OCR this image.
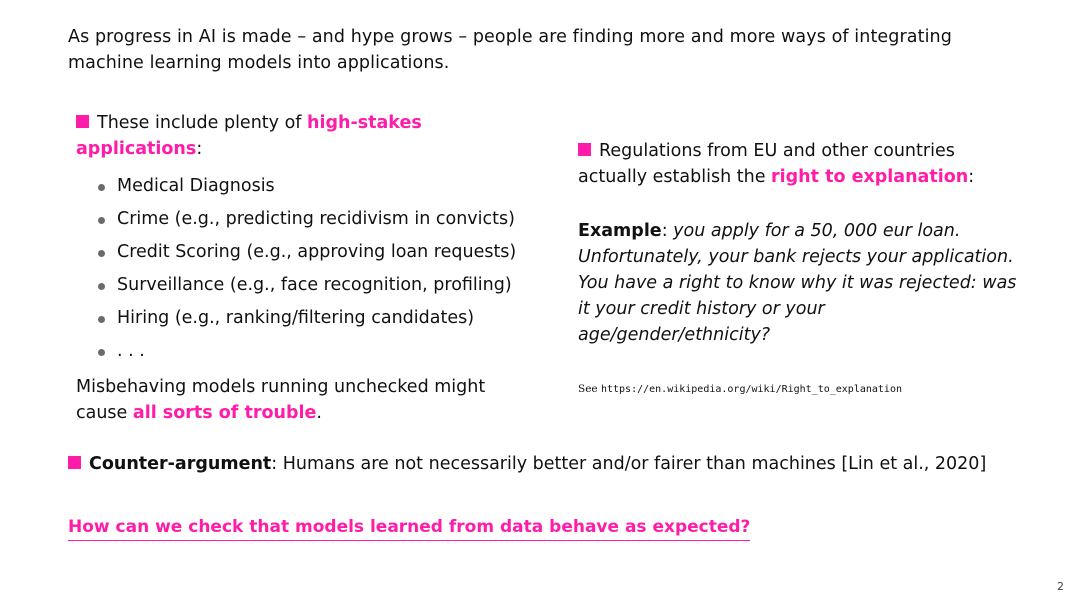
As progress in AI is made – and hype grows – people are finding more and more ways of integrating machine learning models into applications.

These include plenty of high-stakes applications:
Medical Diagnosis
Crime (e.g., predicting recidivism in convicts)
Credit Scoring (e.g., approving loan requests)
Surveillance (e.g., face recognition, profiling)
Hiring (e.g., ranking/filtering candidates)
. . .
Misbehaving models running unchecked might cause all sorts of trouble.
Regulations from EU and other countries actually establish the right to explanation:
Example: you apply for a 50, 000 eur loan. Unfortunately, your bank rejects your application. You have a right to know why it was rejected: was it your credit history or your age/gender/ethnicity?
See https://en.wikipedia.org/wiki/Right_to_explanation
Counter-argument: Humans are not necessarily better and/or fairer than machines [Lin et al., 2020]
How can we check that models learned from data behave as expected?
2
